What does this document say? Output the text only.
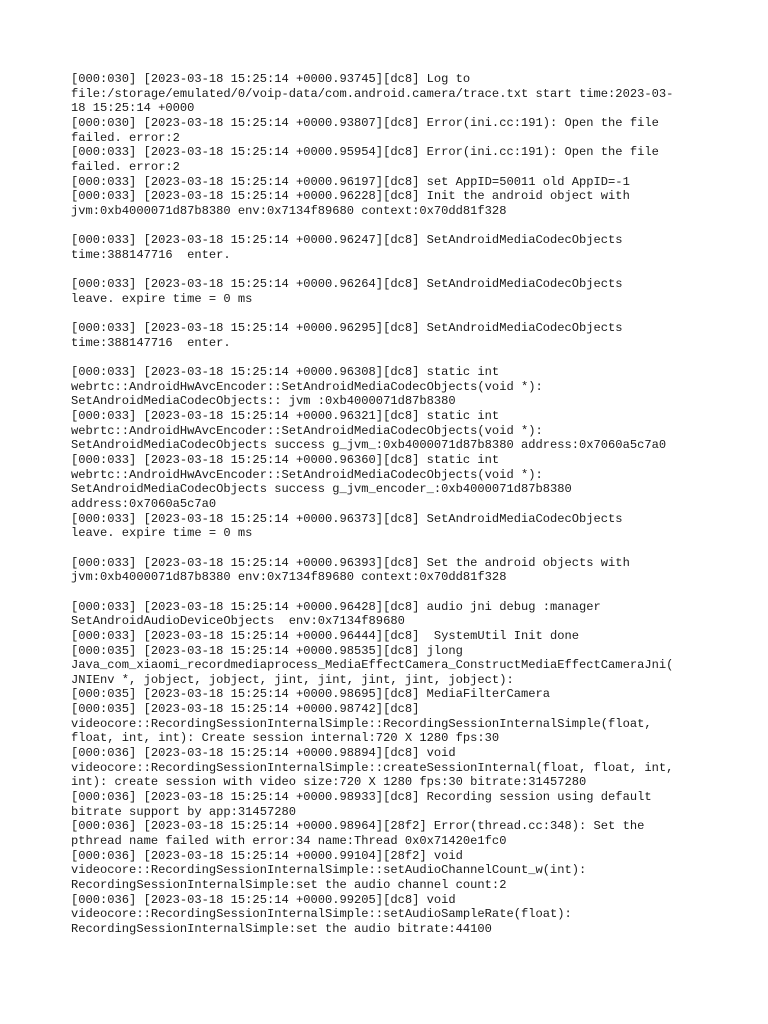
[000:030] [2023-03-18 15:25:14 +0000.93745][dc8] Log to
file:/storage/emulated/0/voip-data/com.android.camera/trace.txt start time:2023-03-
18 15:25:14 +0000
[000:030] [2023-03-18 15:25:14 +0000.93807][dc8] Error(ini.cc:191): Open the file
failed. error:2
[000:033] [2023-03-18 15:25:14 +0000.95954][dc8] Error(ini.cc:191): Open the file
failed. error:2
[000:033] [2023-03-18 15:25:14 +0000.96197][dc8] set AppID=50011 old AppID=-1
[000:033] [2023-03-18 15:25:14 +0000.96228][dc8] Init the android object with
jvm:0xb4000071d87b8380 env:0x7134f89680 context:0x70dd81f328
[000:033] [2023-03-18 15:25:14 +0000.96247][dc8] SetAndroidMediaCodecObjects
time:388147716  enter.
[000:033] [2023-03-18 15:25:14 +0000.96264][dc8] SetAndroidMediaCodecObjects
leave. expire time = 0 ms
[000:033] [2023-03-18 15:25:14 +0000.96295][dc8] SetAndroidMediaCodecObjects
time:388147716  enter.
[000:033] [2023-03-18 15:25:14 +0000.96308][dc8] static int
webrtc::AndroidHwAvcEncoder::SetAndroidMediaCodecObjects(void *):
SetAndroidMediaCodecObjects:: jvm :0xb4000071d87b8380
[000:033] [2023-03-18 15:25:14 +0000.96321][dc8] static int
webrtc::AndroidHwAvcEncoder::SetAndroidMediaCodecObjects(void *):
SetAndroidMediaCodecObjects success g_jvm_:0xb4000071d87b8380 address:0x7060a5c7a0
[000:033] [2023-03-18 15:25:14 +0000.96360][dc8] static int
webrtc::AndroidHwAvcEncoder::SetAndroidMediaCodecObjects(void *):
SetAndroidMediaCodecObjects success g_jvm_encoder_:0xb4000071d87b8380
address:0x7060a5c7a0
[000:033] [2023-03-18 15:25:14 +0000.96373][dc8] SetAndroidMediaCodecObjects
leave. expire time = 0 ms
[000:033] [2023-03-18 15:25:14 +0000.96393][dc8] Set the android objects with
jvm:0xb4000071d87b8380 env:0x7134f89680 context:0x70dd81f328
[000:033] [2023-03-18 15:25:14 +0000.96428][dc8] audio jni debug :manager
SetAndroidAudioDeviceObjects  env:0x7134f89680
[000:033] [2023-03-18 15:25:14 +0000.96444][dc8]  SystemUtil Init done
[000:035] [2023-03-18 15:25:14 +0000.98535][dc8] jlong
Java_com_xiaomi_recordmediaprocess_MediaEffectCamera_ConstructMediaEffectCameraJni(
JNIEnv *, jobject, jobject, jint, jint, jint, jint, jobject):
[000:035] [2023-03-18 15:25:14 +0000.98695][dc8] MediaFilterCamera
[000:035] [2023-03-18 15:25:14 +0000.98742][dc8]
videocore::RecordingSessionInternalSimple::RecordingSessionInternalSimple(float,
float, int, int): Create session internal:720 X 1280 fps:30
[000:036] [2023-03-18 15:25:14 +0000.98894][dc8] void
videocore::RecordingSessionInternalSimple::createSessionInternal(float, float, int,
int): create session with video size:720 X 1280 fps:30 bitrate:31457280
[000:036] [2023-03-18 15:25:14 +0000.98933][dc8] Recording session using default
bitrate support by app:31457280
[000:036] [2023-03-18 15:25:14 +0000.98964][28f2] Error(thread.cc:348): Set the
pthread name failed with error:34 name:Thread 0x0x71420e1fc0
[000:036] [2023-03-18 15:25:14 +0000.99104][28f2] void
videocore::RecordingSessionInternalSimple::setAudioChannelCount_w(int):
RecordingSessionInternalSimple:set the audio channel count:2
[000:036] [2023-03-18 15:25:14 +0000.99205][dc8] void
videocore::RecordingSessionInternalSimple::setAudioSampleRate(float):
RecordingSessionInternalSimple:set the audio bitrate:44100
